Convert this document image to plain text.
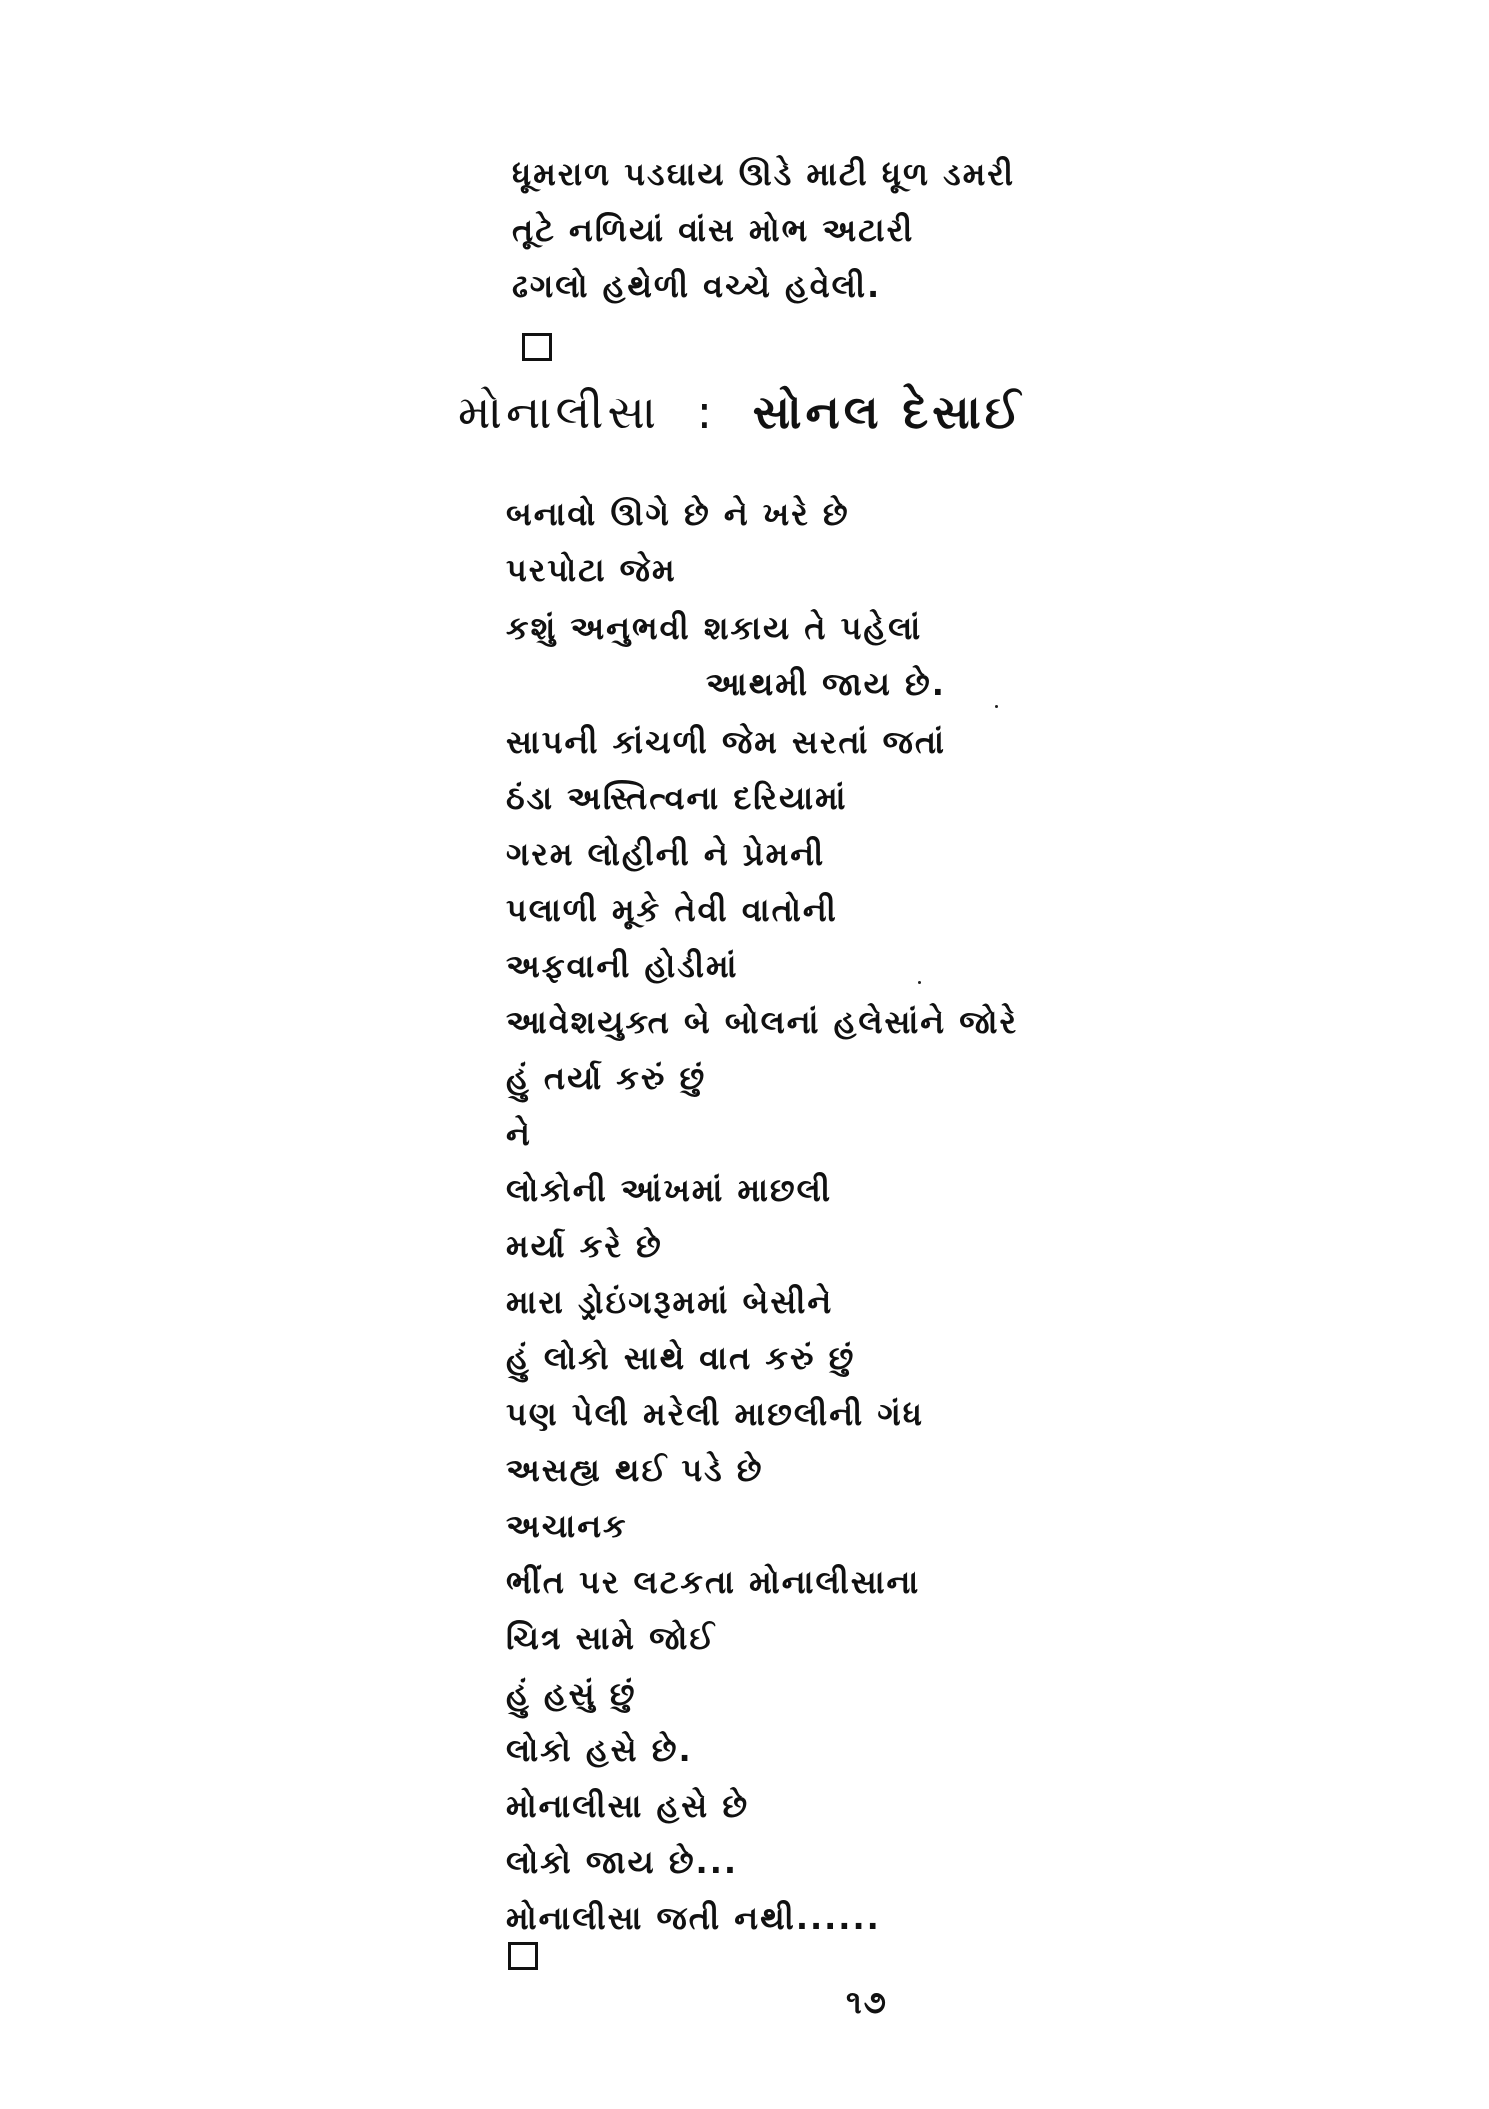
ધૂમરાળ પડઘાય ઊડે માટી ધૂળ ડમરી
તૂટે નળિયાં વાંસ મોભ અટારી
ઢગલો હથેળી વચ્ચે હવેલી.
મોનાલીસા : સોનલ દેસાઈ
બનાવો ઊગે છે ને ખરે છે
પરપોટા જેમ
કશું અનુભવી શકાય તે પહેલાં
આથમી જાય છે.
સાપની કાંચળી જેમ સરતાં જતાં
ઠંડા અસ્તિત્વના દરિયામાં
ગરમ લોહીની ને પ્રેમની
પલાળી મૂકે તેવી વાતોની
અફવાની હોડીમાં
આવેશયુક્ત બે બોલનાં હલેસાંને જોરે
હું તર્યા કરું છું
ને
લોકોની આંખમાં માછલી
મર્યા કરે છે
મારા ડ્રોઇંગરૂમમાં બેસીને
હું લોકો સાથે વાત કરું છું
પણ પેલી મરેલી માછલીની ગંધ
અસહ્ય થઈ પડે છે
અચાનક
ભીંત પર લટકતા મોનાલીસાના
ચિત્ર સામે જોઈ
હું હસું છું
લોકો હસે છે.
મોનાલીસા હસે છે
લોકો જાય છે...
મોનાલીસા જતી નથી......
૧૭
